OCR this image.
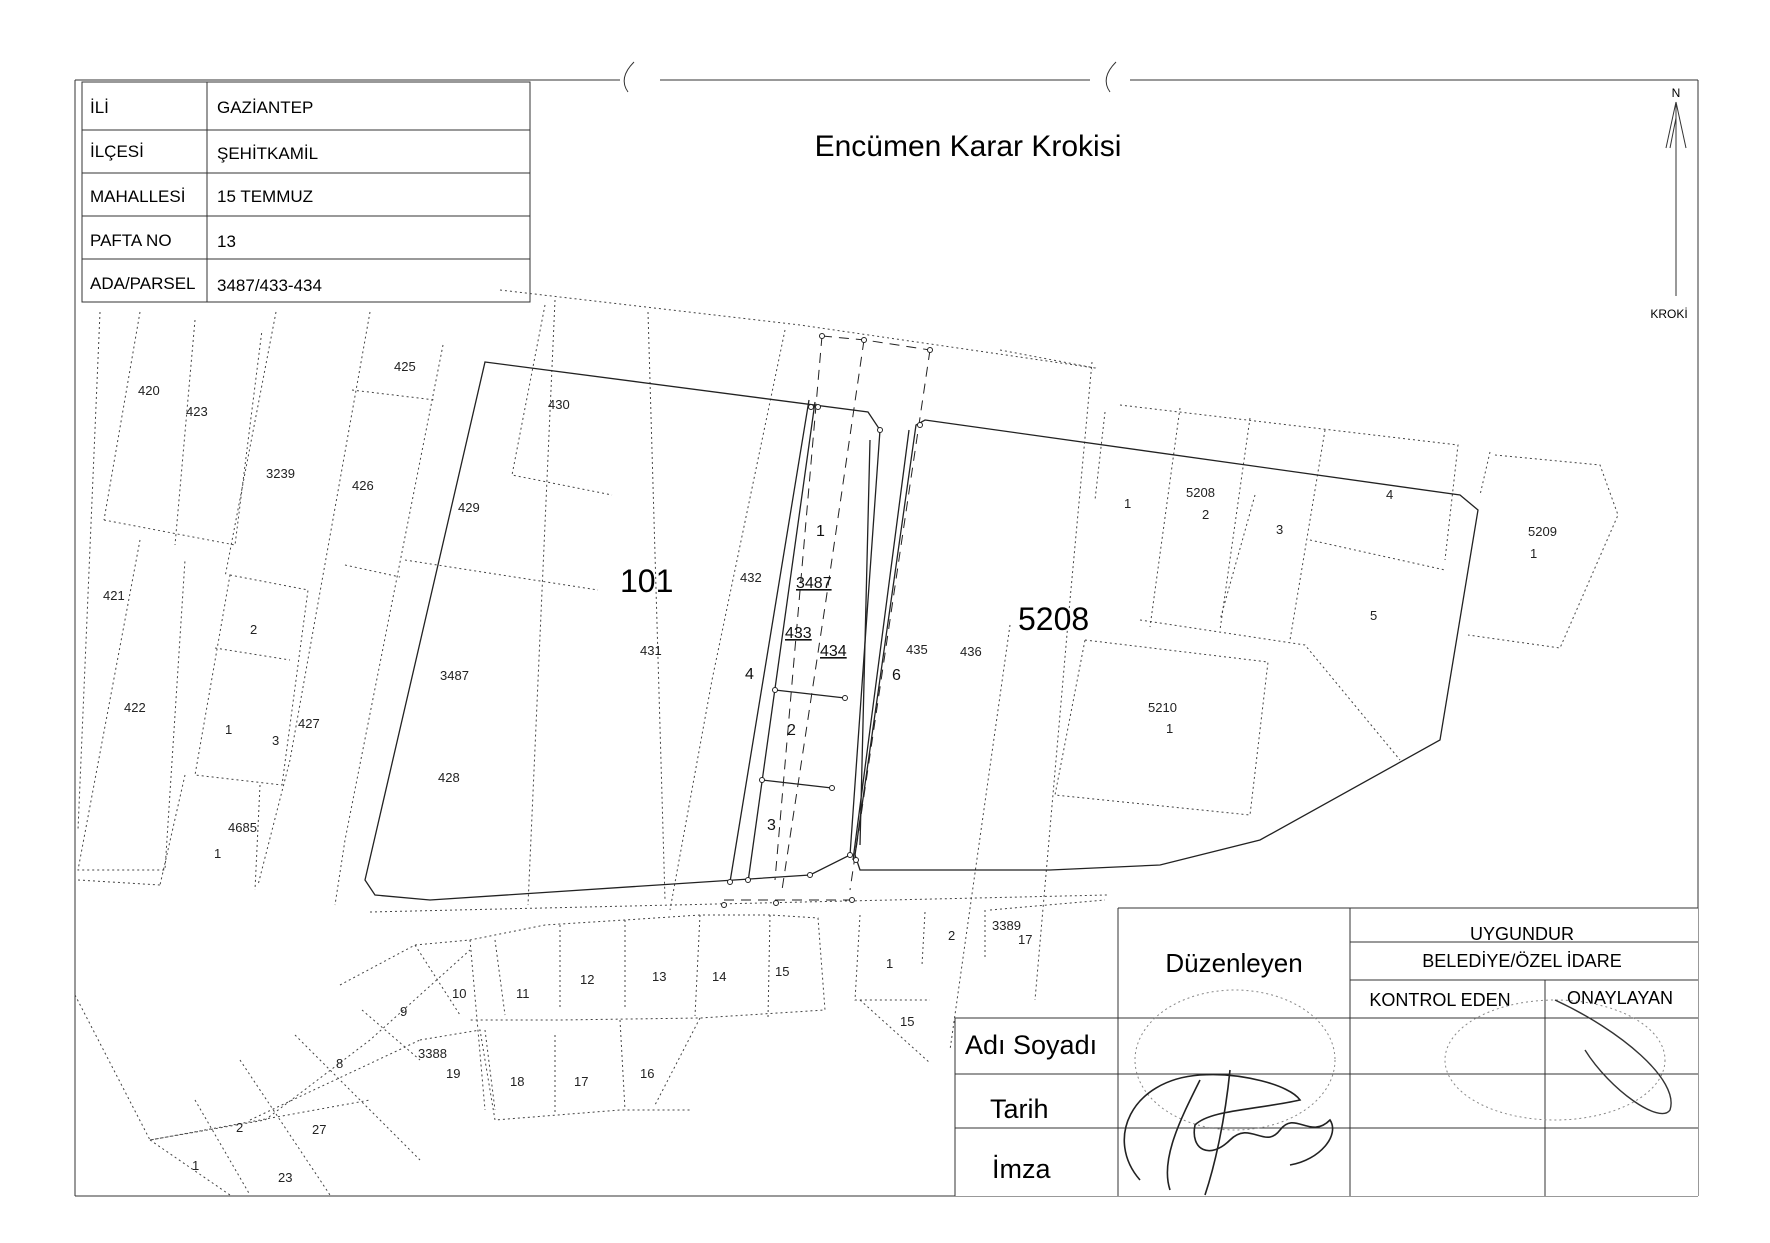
İLİ	GAZİANTEP
İLÇESİ	ŞEHİTKAMİL
MAHALLESİ 15 TEMMUZ
PAFTA NO	13
ADA/PARSEL 3487/433-434
Encümen Karar Krokisi
N
KROKİ
420
423
3239
425
426
430
429
421
2
1
3
427
422
4685
1
3487
428
431
432
101
1
3487
433
434
4
2
3
6
435 436
5208
1
5208
2
3
4
5
5209
1
5210
1
10	11
12	13	14	15
9
3388
19
18	17
16
8
2	27
1
23
1
2
3389
17
15
Düzenleyen
UYGUNDUR
BELEDİYE/ÖZEL İDARE
KONTROL EDEN	ONAYLAYAN
Adı Soyadı
Tarih
İmza
